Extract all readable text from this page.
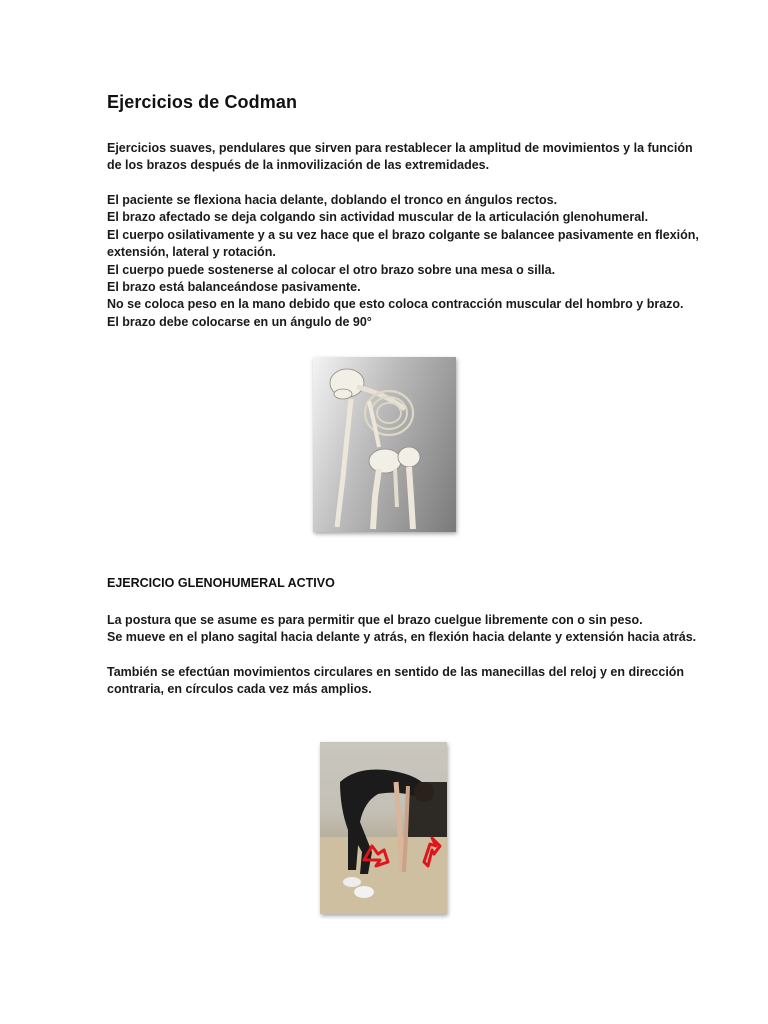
Ejercicios de Codman
Ejercicios suaves, pendulares que sirven para restablecer la amplitud de movimientos y la función
de los brazos después de la inmovilización de las extremidades.
El paciente se flexiona hacia delante, doblando el tronco en ángulos rectos.
El brazo afectado se deja colgando sin actividad muscular de la articulación glenohumeral.
El cuerpo osilativamente y a su vez hace que el brazo colgante se balancee pasivamente en flexión,
extensión, lateral y rotación.
El cuerpo puede sostenerse al colocar el otro brazo sobre una mesa o silla.
El brazo está balanceándose pasivamente.
No se coloca peso en la mano debido que esto coloca contracción muscular del hombro y brazo.
El brazo debe colocarse en un ángulo de 90°
EJERCICIO GLENOHUMERAL ACTIVO
La postura que se asume es para permitir que el brazo cuelgue libremente con o sin peso.
Se mueve en el plano sagital hacia delante y atrás, en flexión hacia delante y extensión hacia atrás.
También se efectúan movimientos circulares en sentido de las manecillas del reloj y en dirección
contraria, en círculos cada vez más amplios.
